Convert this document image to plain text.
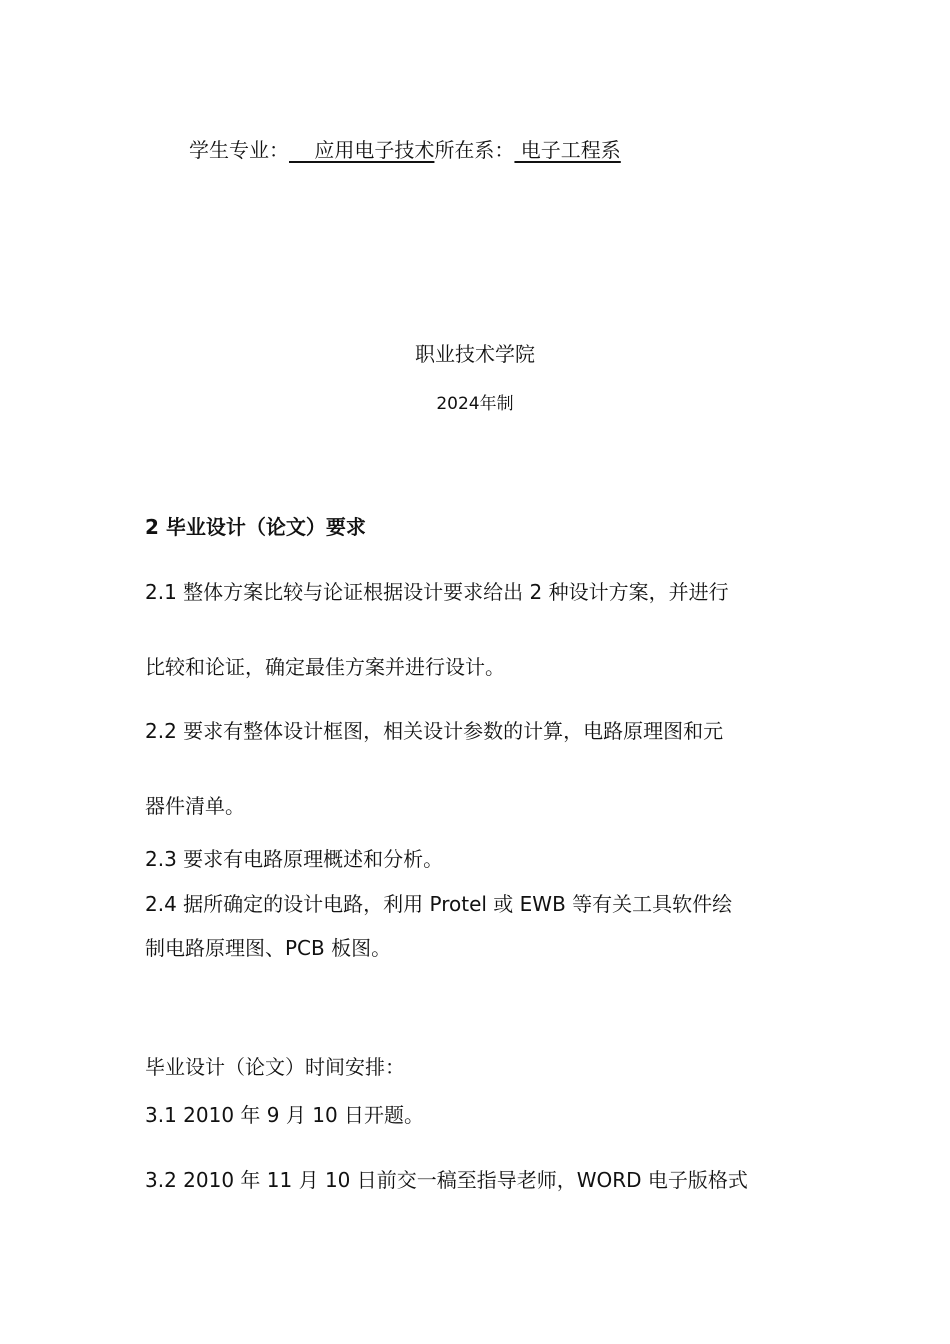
学生专业：    应用电子技术所在系： 电子工程系
职业技术学院
2024年制
2 毕业设计（论文）要求
2.1 整体方案比较与论证根据设计要求给出 2 种设计方案，并进行
比较和论证，确定最佳方案并进行设计。
2.2 要求有整体设计框图，相关设计参数的计算，电路原理图和元
器件清单。
2.3 要求有电路原理概述和分析。
2.4 据所确定的设计电路，利用 Protel 或 EWB 等有关工具软件绘
制电路原理图、PCB 板图。
毕业设计（论文）时间安排：
3.1 2010 年 9 月 10 日开题。
3.2 2010 年 11 月 10 日前交一稿至指导老师，WORD 电子版格式
